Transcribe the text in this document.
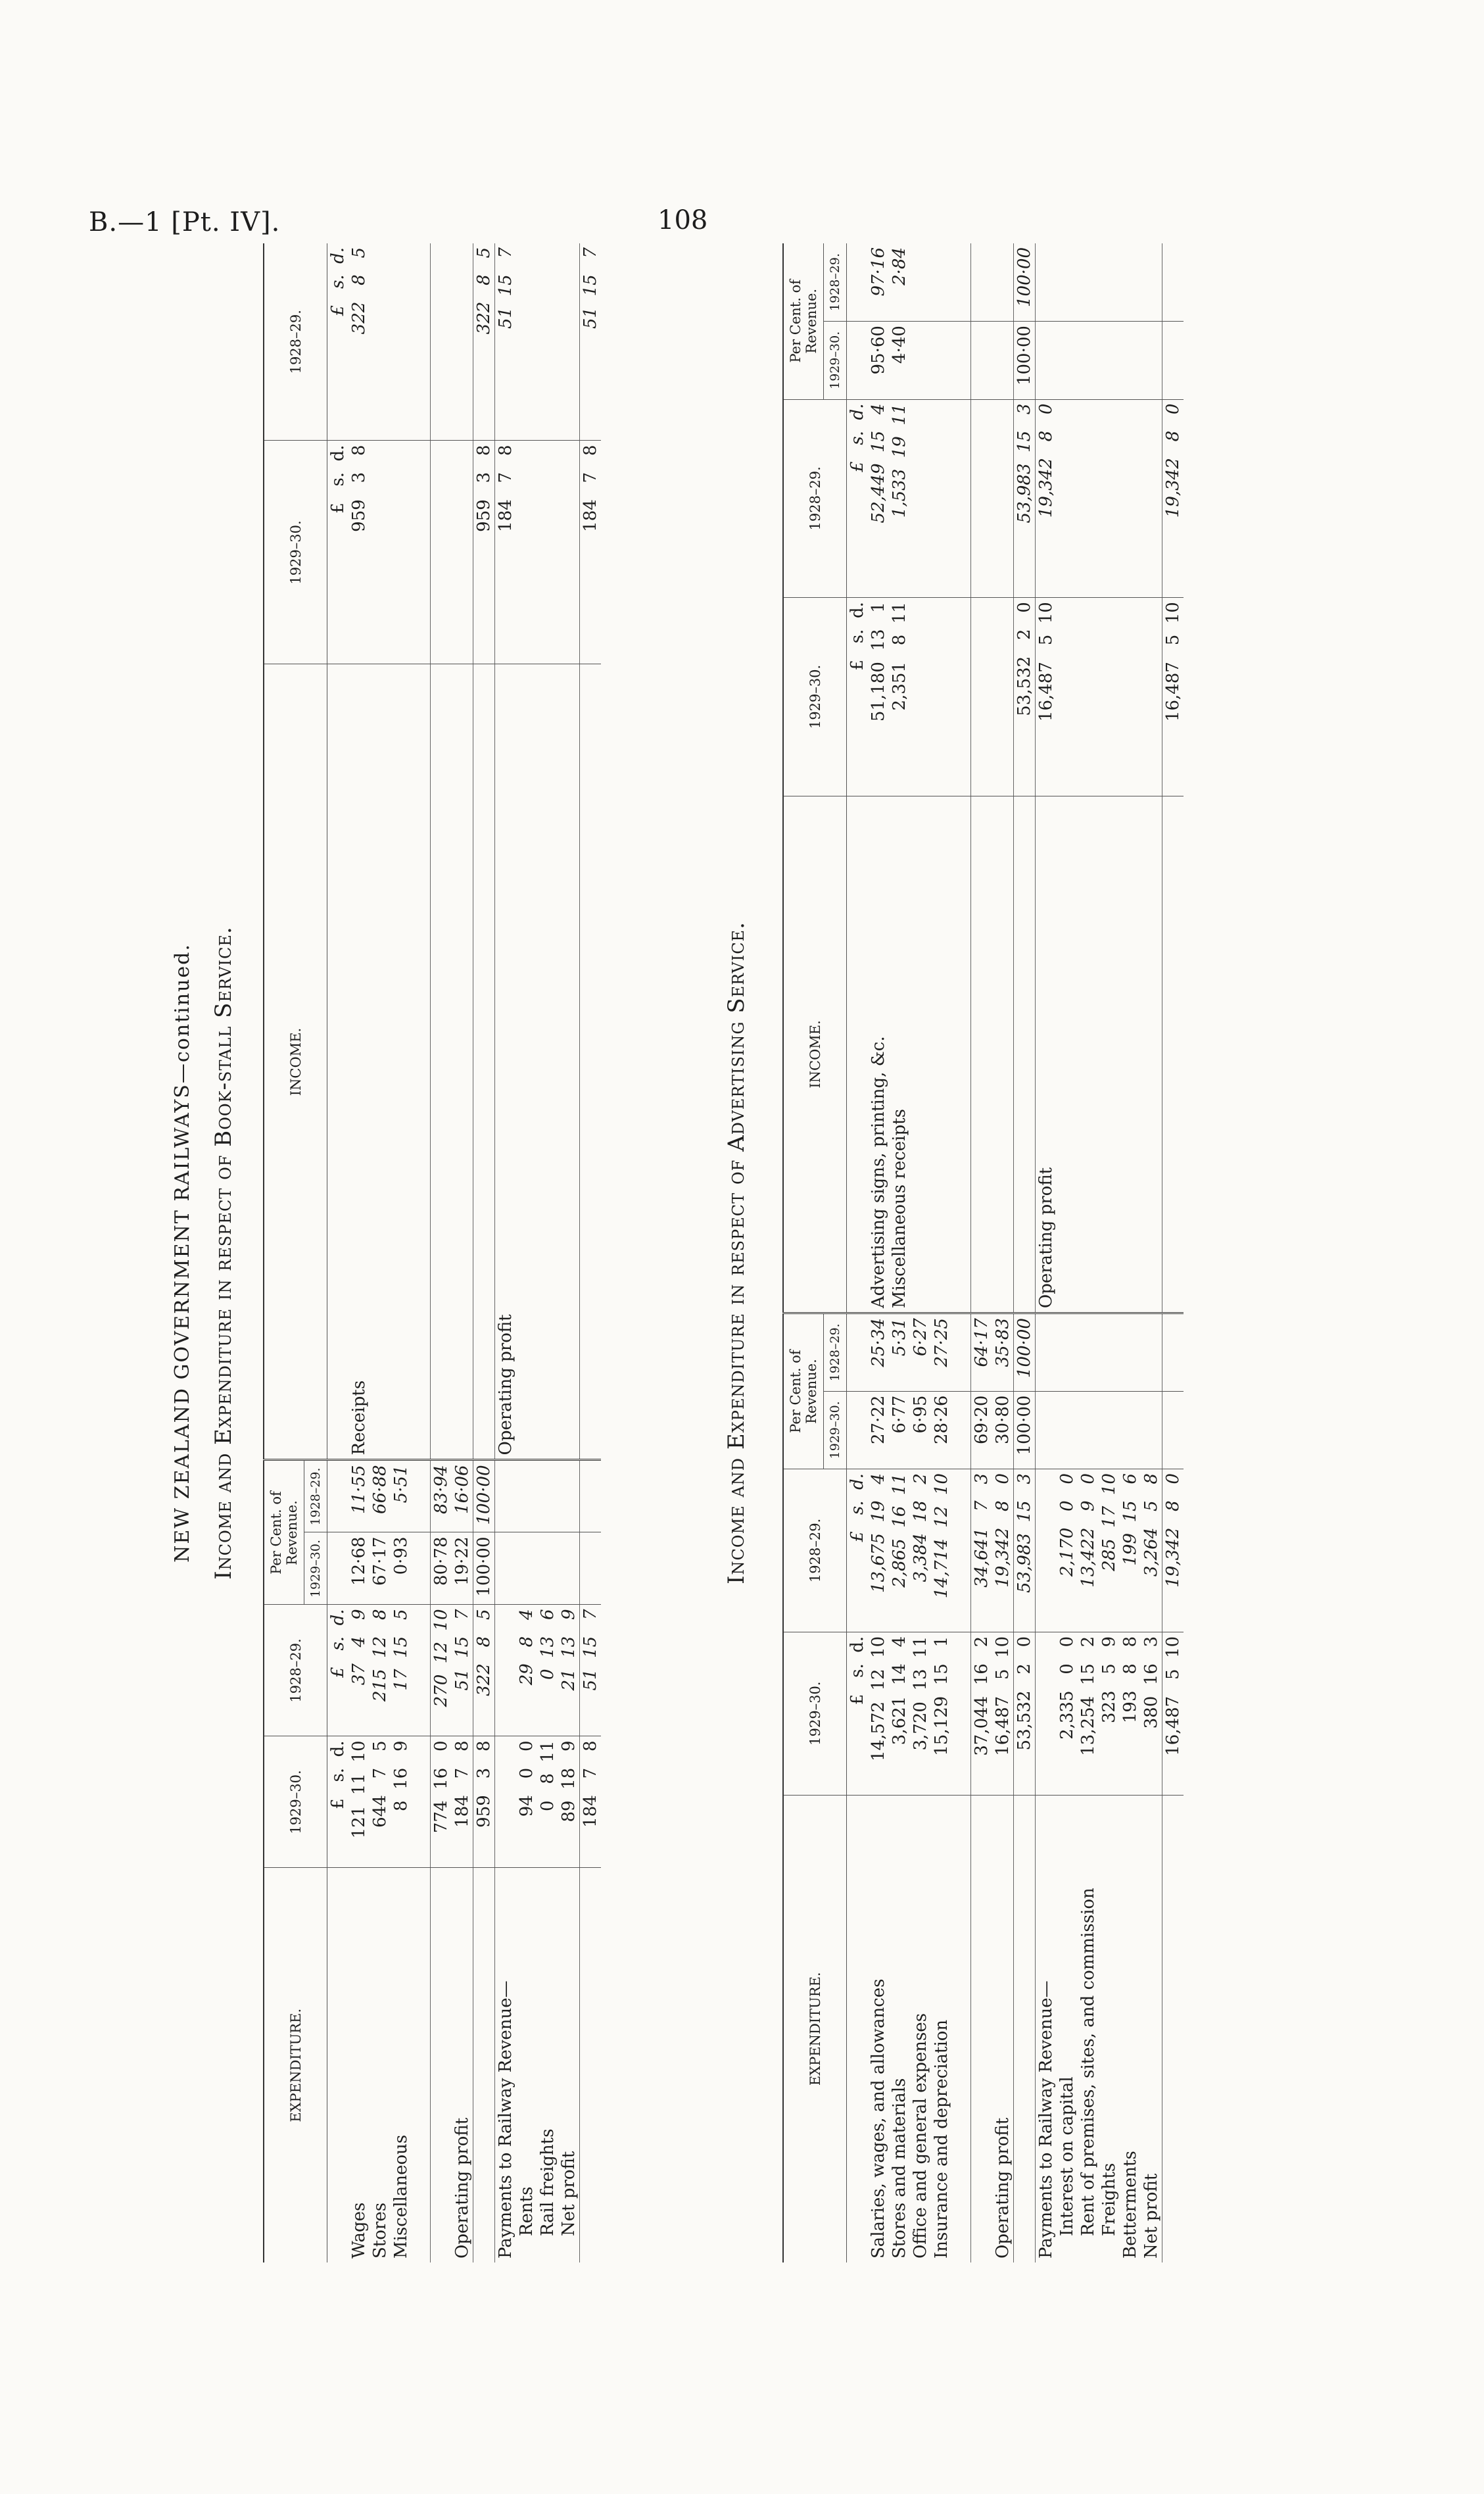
B.—1 [Pt. IV].	108
NEW ZEALAND GOVERNMENT RAILWAYS—continued. Income and Expenditure in respect of Book-stall Service.
EXPENDITURE.	1929–30.	1928–29.	Per Cent. of Revenue.		INCOME.	1929–30.	1928–29.
			1929–30.	1928–29.			
	£   s.  d.	£   s.  d.				£   s.  d.	£   s.  d.
Wages	121  11  10	37   4   9	12·68	11·55	Receipts	959   3   8	322   8   5
Stores	644   7   5	215  12   8	67·17	66·88			
Miscellaneous	8  16   9	17  15   5	0·93	5·51			

	774  16   0	270  12  10	80·78	83·94			
Operating profit	184   7   8	51  15   7	19·22	16·06			
	959   3   8	322   8   5	100·00	100·00		959   3   8	322   8   5
Payments to Railway Revenue—					Operating profit	184   7   8	51  15   7
Rents	94   0   0	29   8   4					
Rail freights	0   8  11	0  13   6					
Net profit	89  18   9	21  13   9					
	184   7   8	51  15   7				184   7   8	51  15   7
Income and Expenditure in respect of Advertising Service.
EXPENDITURE.	1929–30.	1928–29.	Per Cent. of Revenue.		INCOME.	1929–30.	1928–29.	Per Cent. of Revenue.	
			1929–30.	1928–29.				1929–30.	1928–29.
	£   s.  d.	£   s.  d.				£   s.  d.	£   s.  d.		
Salaries, wages, and allowances	14,572  12  10	13,675  19   4	27·22	25·34	Advertising signs, printing, &c.	51,180  13   1	52,449  15   4	95·60	97·16
Stores and materials	3,621  14   4	2,865  16  11	6·77	5·31	Miscellaneous receipts	2,351   8  11	1,533  19  11	4·40	2·84
Office and general expenses	3,720  13  11	3,384  18   2	6·95	6·27					
Insurance and depreciation	15,129  15   1	14,714  12  10	28·26	27·25					

	37,044  16   2	34,641   7   3	69·20	64·17					
Operating profit	16,487   5  10	19,342   8   0	30·80	35·83					
	53,532   2   0	53,983  15   3	100·00	100·00		53,532   2   0	53,983  15   3	100·00	100·00
Payments to Railway Revenue—					Operating profit	16,487   5  10	19,342   8   0		
Interest on capital	2,335   0   0	2,170   0   0							
Rent of premises, sites, and commission	13,254  15   2	13,422   9   0							
Freights	323   5   9	285  17  10							
Betterments	193   8   8	199  15   6							
Net profit	380  16   3	3,264   5   8							
	16,487   5  10	19,342   8   0				16,487   5  10	19,342   8   0		
